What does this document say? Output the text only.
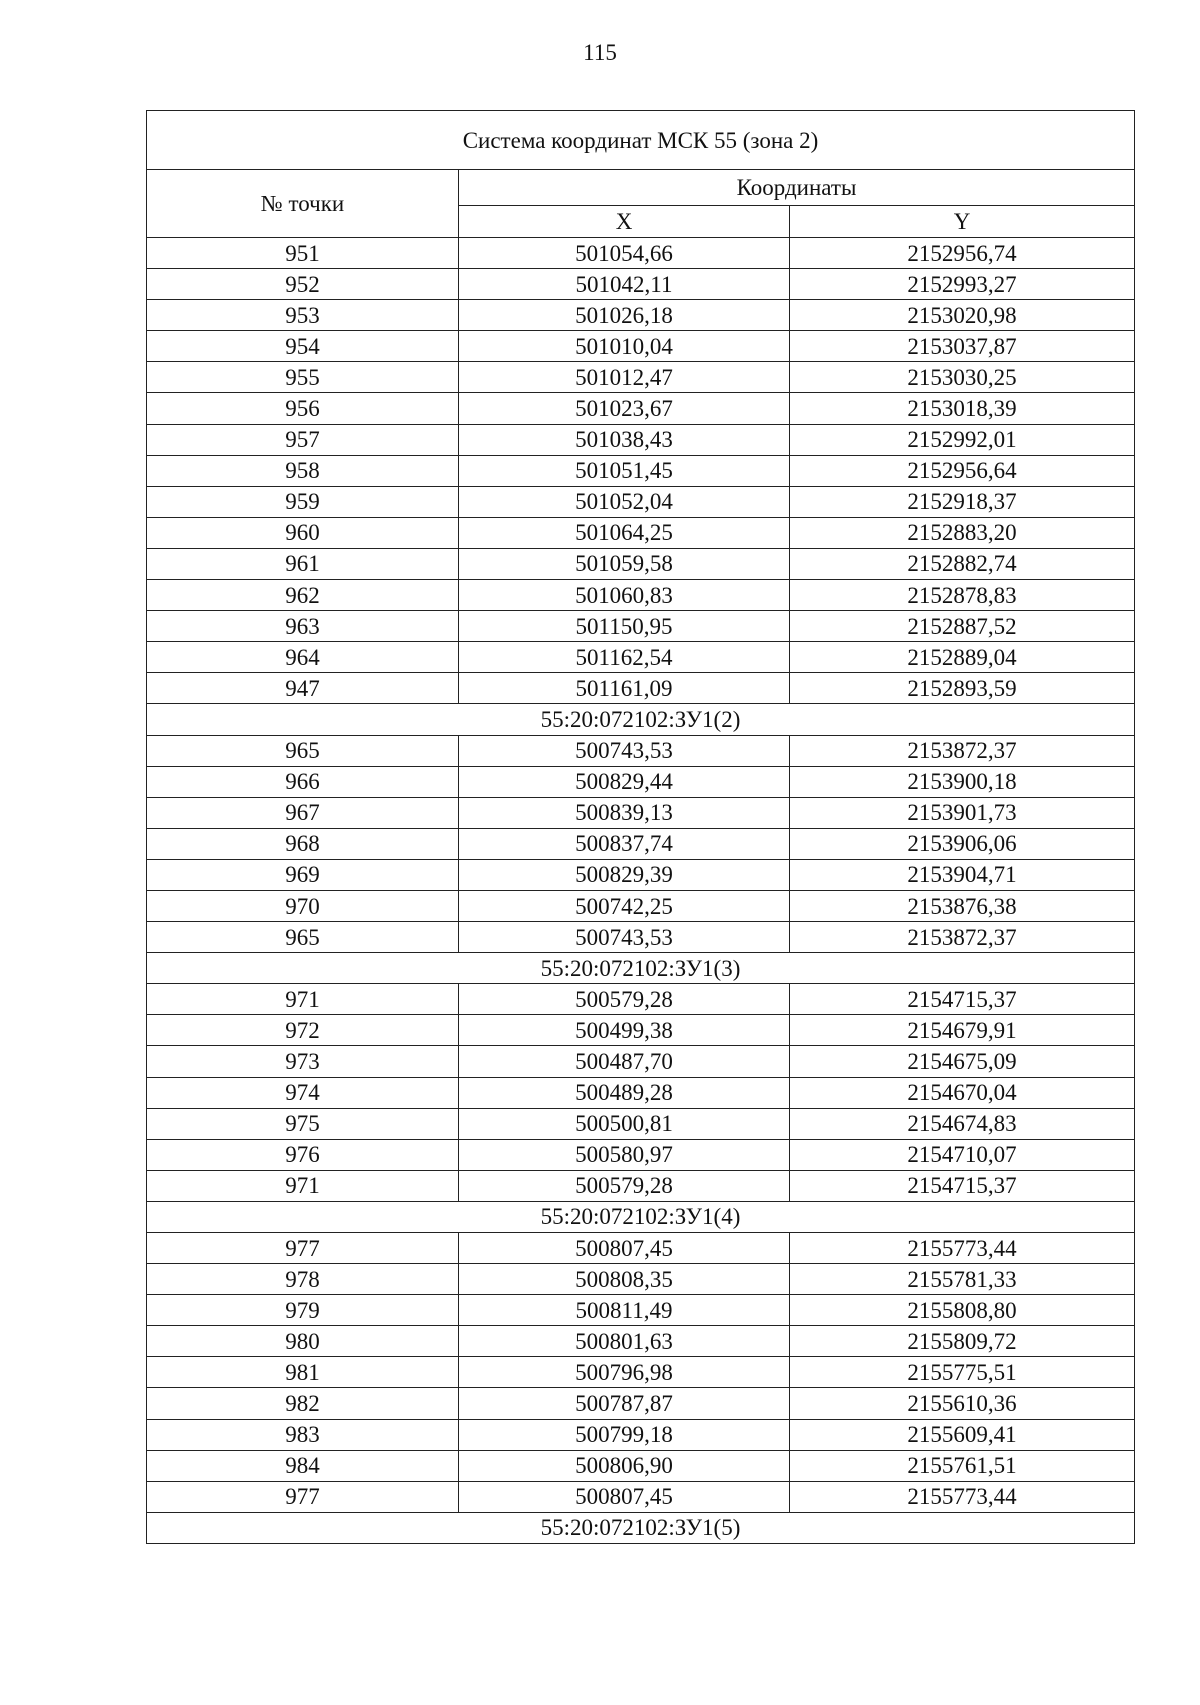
115
Система координат МСК 55 (зона 2)		
№ точки	Координаты	
	X	Y
951	501054,66	2152956,74
952	501042,11	2152993,27
953	501026,18	2153020,98
954	501010,04	2153037,87
955	501012,47	2153030,25
956	501023,67	2153018,39
957	501038,43	2152992,01
958	501051,45	2152956,64
959	501052,04	2152918,37
960	501064,25	2152883,20
961	501059,58	2152882,74
962	501060,83	2152878,83
963	501150,95	2152887,52
964	501162,54	2152889,04
947	501161,09	2152893,59
55:20:072102:ЗУ1(2)		
965	500743,53	2153872,37
966	500829,44	2153900,18
967	500839,13	2153901,73
968	500837,74	2153906,06
969	500829,39	2153904,71
970	500742,25	2153876,38
965	500743,53	2153872,37
55:20:072102:ЗУ1(3)		
971	500579,28	2154715,37
972	500499,38	2154679,91
973	500487,70	2154675,09
974	500489,28	2154670,04
975	500500,81	2154674,83
976	500580,97	2154710,07
971	500579,28	2154715,37
55:20:072102:ЗУ1(4)		
977	500807,45	2155773,44
978	500808,35	2155781,33
979	500811,49	2155808,80
980	500801,63	2155809,72
981	500796,98	2155775,51
982	500787,87	2155610,36
983	500799,18	2155609,41
984	500806,90	2155761,51
977	500807,45	2155773,44
55:20:072102:ЗУ1(5)		
